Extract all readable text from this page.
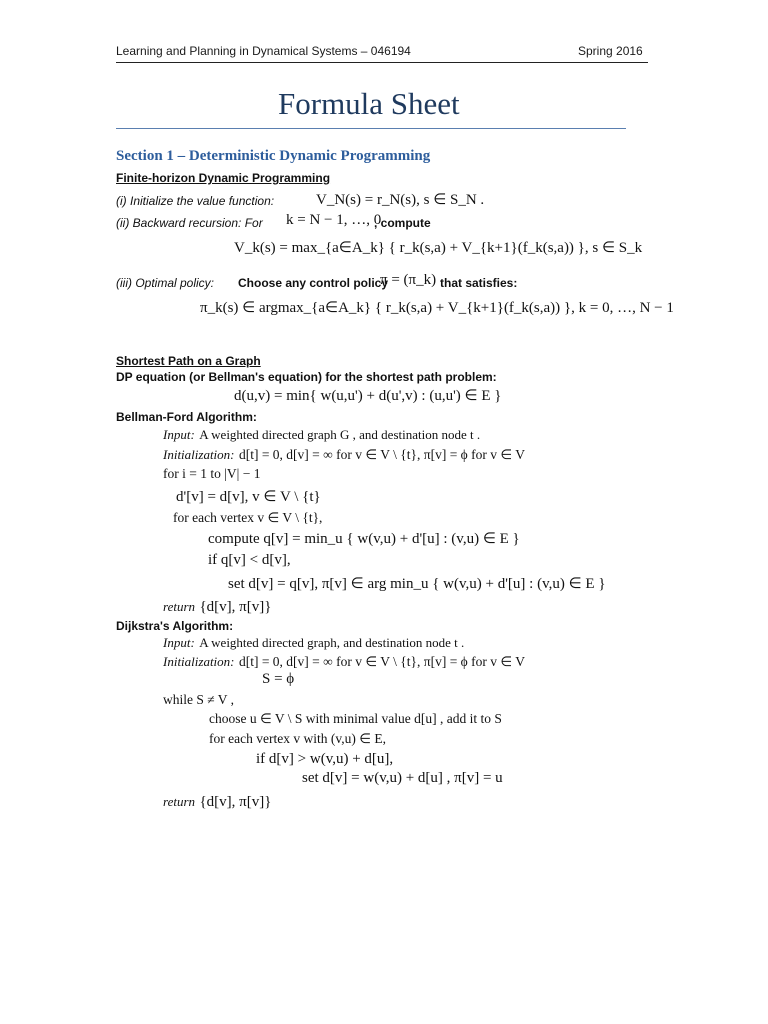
Learning and Planning in Dynamical Systems – 046194	Spring 2016
Formula Sheet
Section 1 – Deterministic Dynamic Programming
Finite-horizon Dynamic Programming
(i) Initialize the value function:	V_N(s) = r_N(s), s ∈ S_N .
(ii) Backward recursion: For k = N − 1, …, 0
, compute
V_k(s) = max_{a∈A_k} { r_k(s,a) + V_{k+1}(f_k(s,a)) }, s ∈ S_k
(iii) Optimal policy: Choose any control policy
π = (π_k) that satisfies:
π_k(s) ∈ argmax_{a∈A_k} { r_k(s,a) + V_{k+1}(f_k(s,a)) }, k = 0, …, N − 1
Shortest Path on a Graph
DP equation (or Bellman's equation) for the shortest path problem:
d(u,v) = min{ w(u,u') + d(u',v) : (u,u') ∈ E }
Bellman-Ford Algorithm:
Input: A weighted directed graph G , and destination node t .
Initialization: d[t] = 0, d[v] = ∞ for v ∈ V \ {t}, π[v] = ϕ for v ∈ V
for i = 1 to |V| − 1
d'[v] = d[v], v ∈ V \ {t}
for each vertex v ∈ V \ {t},
compute q[v] = min_u { w(v,u) + d'[u] : (v,u) ∈ E }
if q[v] < d[v],
set d[v] = q[v], π[v] ∈ arg min_u { w(v,u) + d'[u] : (v,u) ∈ E }
return {d[v], π[v]}
Dijkstra's Algorithm:
Input: A weighted directed graph, and destination node t .
Initialization: d[t] = 0, d[v] = ∞ for v ∈ V \ {t}, π[v] = ϕ for v ∈ V
S = ϕ
while S ≠ V ,
choose u ∈ V \ S with minimal value d[u] , add it to S
for each vertex v with (v,u) ∈ E,
if d[v] > w(v,u) + d[u],
set d[v] = w(v,u) + d[u] , π[v] = u
return {d[v], π[v]}
